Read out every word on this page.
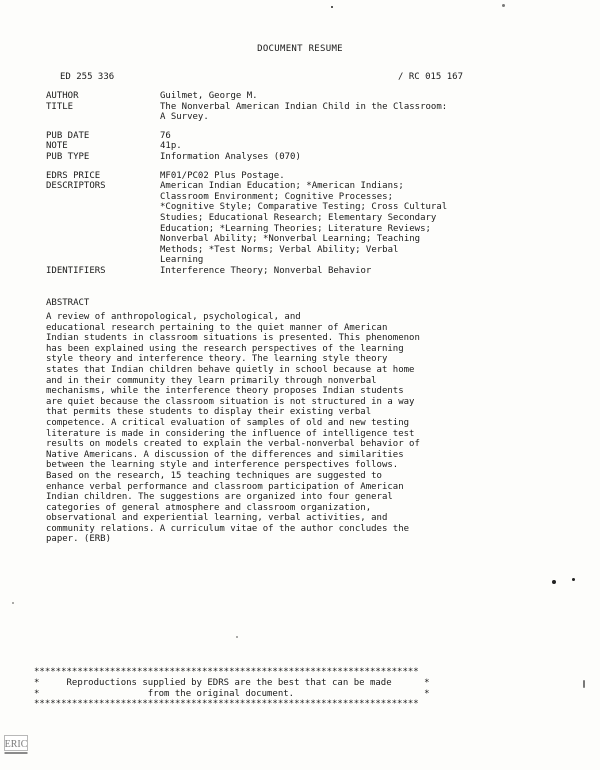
DOCUMENT RESUME
ED 255 336	/ RC 015 167
AUTHOR	Guilmet, George M.
TITLE	The Nonverbal American Indian Child in the Classroom:
A Survey.
PUB DATE	76
NOTE	41p.
PUB TYPE	Information Analyses (070)
EDRS PRICE	MF01/PC02 Plus Postage.
DESCRIPTORS	American Indian Education; *American Indians;
Classroom Environment; Cognitive Processes;
*Cognitive Style; Comparative Testing; Cross Cultural
Studies; Educational Research; Elementary Secondary
Education; *Learning Theories; Literature Reviews;
Nonverbal Ability; *Nonverbal Learning; Teaching
Methods; *Test Norms; Verbal Ability; Verbal
Learning
IDENTIFIERS	Interference Theory; Nonverbal Behavior
ABSTRACT
A review of anthropological, psychological, and
educational research pertaining to the quiet manner of American
Indian students in classroom situations is presented. This phenomenon
has been explained using the research perspectives of the learning
style theory and interference theory. The learning style theory
states that Indian children behave quietly in school because at home
and in their community they learn primarily through nonverbal
mechanisms, while the interference theory proposes Indian students
are quiet because the classroom situation is not structured in a way
that permits these students to display their existing verbal
competence. A critical evaluation of samples of old and new testing
literature is made in considering the influence of intelligence test
results on models created to explain the verbal-nonverbal behavior of
Native Americans. A discussion of the differences and similarities
between the learning style and interference perspectives follows.
Based on the research, 15 teaching techniques are suggested to
enhance verbal performance and classroom participation of American
Indian children. The suggestions are organized into four general
categories of general atmosphere and classroom organization,
observational and experiential learning, verbal activities, and
community relations. A curriculum vitae of the author concludes the
paper. (ERB)
***********************************************************************
*     Reproductions supplied by EDRS are the best that can be made      *
*                    from the original document.                        *
***********************************************************************
ERIC
